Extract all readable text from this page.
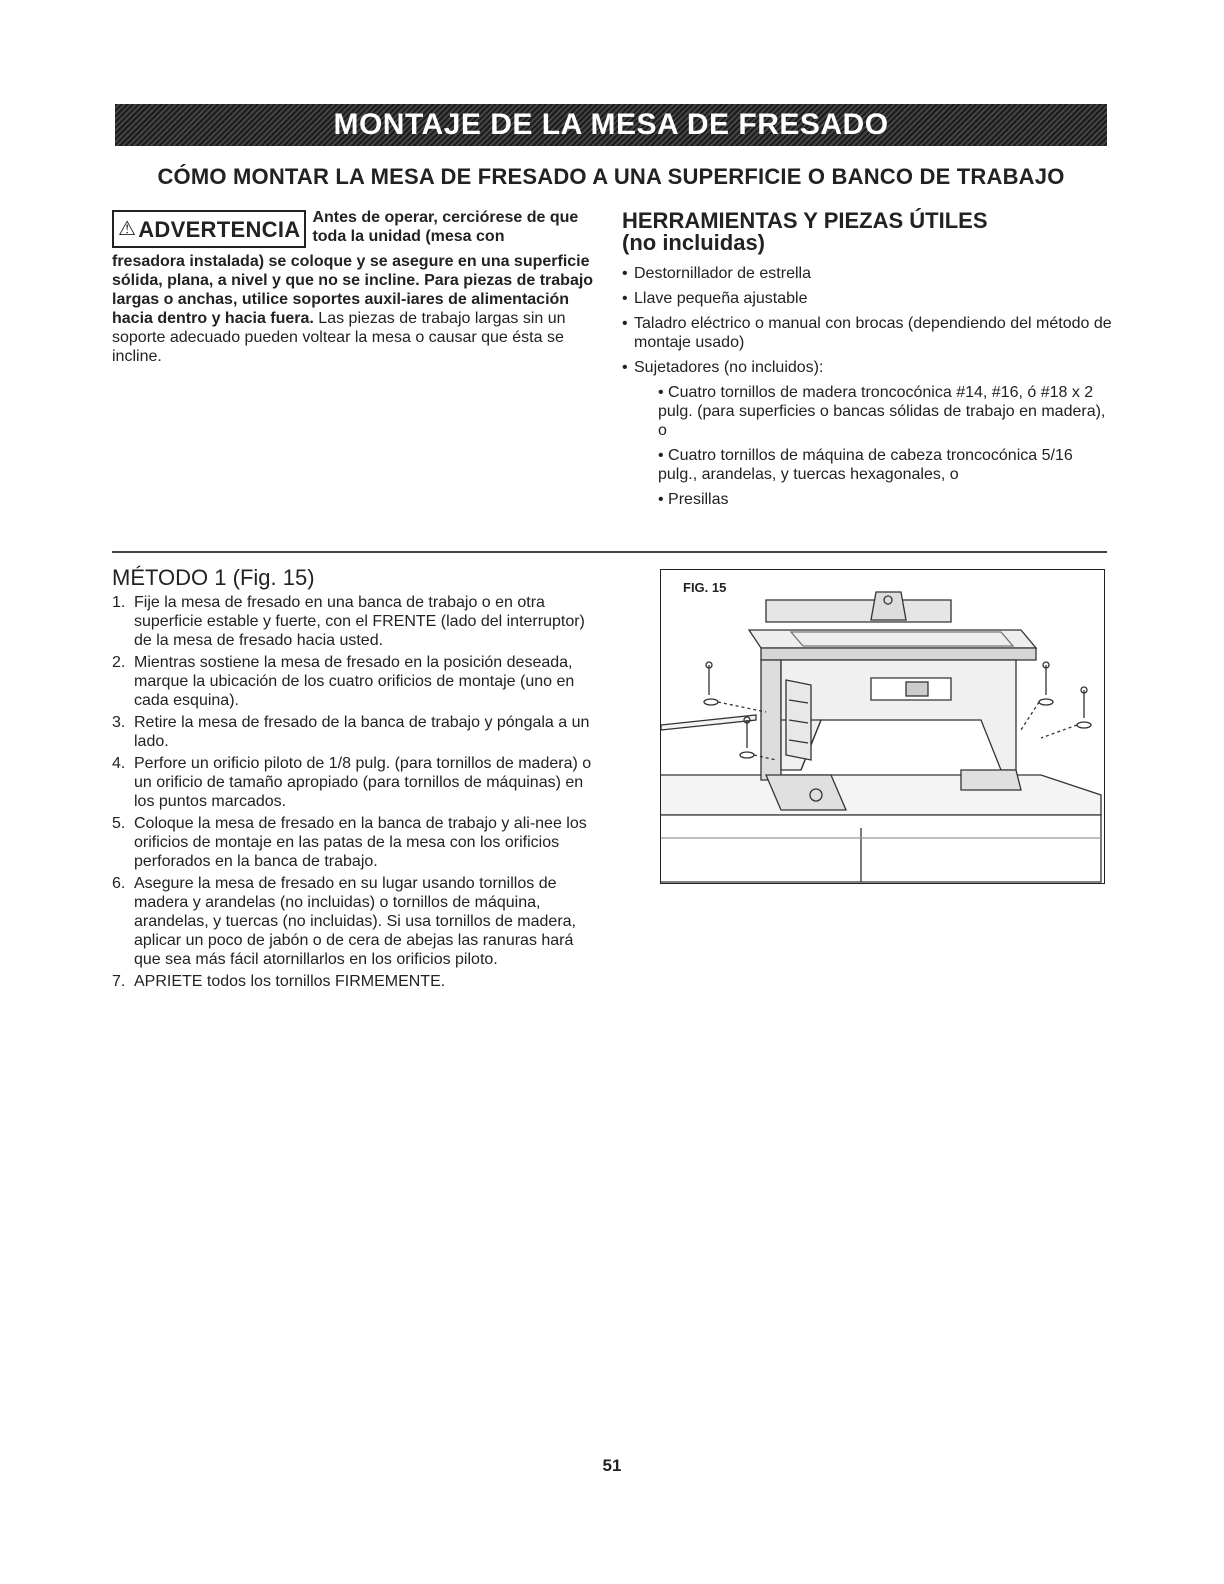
MONTAJE DE LA MESA DE FRESADO
CÓMO MONTAR LA MESA DE FRESADO A UNA SUPERFICIE O BANCO DE TRABAJO
⚠ ADVERTENCIA Antes de operar, cerciórese de que toda la unidad (mesa con
fresadora instalada) se coloque y se asegure en una superficie sólida, plana, a nivel y que no se incline. Para piezas de trabajo largas o anchas, utilice soportes auxil-iares de alimentación hacia dentro y hacia fuera. Las piezas de trabajo largas sin un soporte adecuado pueden voltear la mesa o causar que ésta se incline.
HERRAMIENTAS Y PIEZAS ÚTILES
(no incluidas)
• Destornillador de estrella
• Llave pequeña ajustable
• Taladro eléctrico o manual con brocas (dependiendo del método de montaje usado)
• Sujetadores (no incluidos):
• Cuatro tornillos de madera troncocónica #14, #16, ó #18 x 2 pulg. (para superficies o bancas sólidas de trabajo en madera), o
• Cuatro tornillos de máquina de cabeza troncocónica 5/16 pulg., arandelas, y tuercas hexagonales, o
• Presillas
MÉTODO 1 (Fig. 15)
1. Fije la mesa de fresado en una banca de trabajo o en otra superficie estable y fuerte, con el FRENTE (lado del interruptor) de la mesa de fresado hacia usted.
2. Mientras sostiene la mesa de fresado en la posición deseada, marque la ubicación de los cuatro orificios de montaje (uno en cada esquina).
3. Retire la mesa de fresado de la banca de trabajo y póngala a un lado.
4. Perfore un orificio piloto de 1/8 pulg. (para tornillos de madera) o un orificio de tamaño apropiado (para tornillos de máquinas) en los puntos marcados.
5. Coloque la mesa de fresado en la banca de trabajo y ali-nee los orificios de montaje en las patas de la mesa con los orificios perforados en la banca de trabajo.
6. Asegure la mesa de fresado en su lugar usando tornillos de madera y arandelas (no incluidas) o tornillos de máquina, arandelas, y tuercas (no incluidas). Si usa tornillos de madera, aplicar un poco de jabón o de cera de abejas las ranuras hará que sea más fácil atornillarlos en los orificios piloto.
7. APRIETE todos los tornillos FIRMEMENTE.
FIG. 15
51
